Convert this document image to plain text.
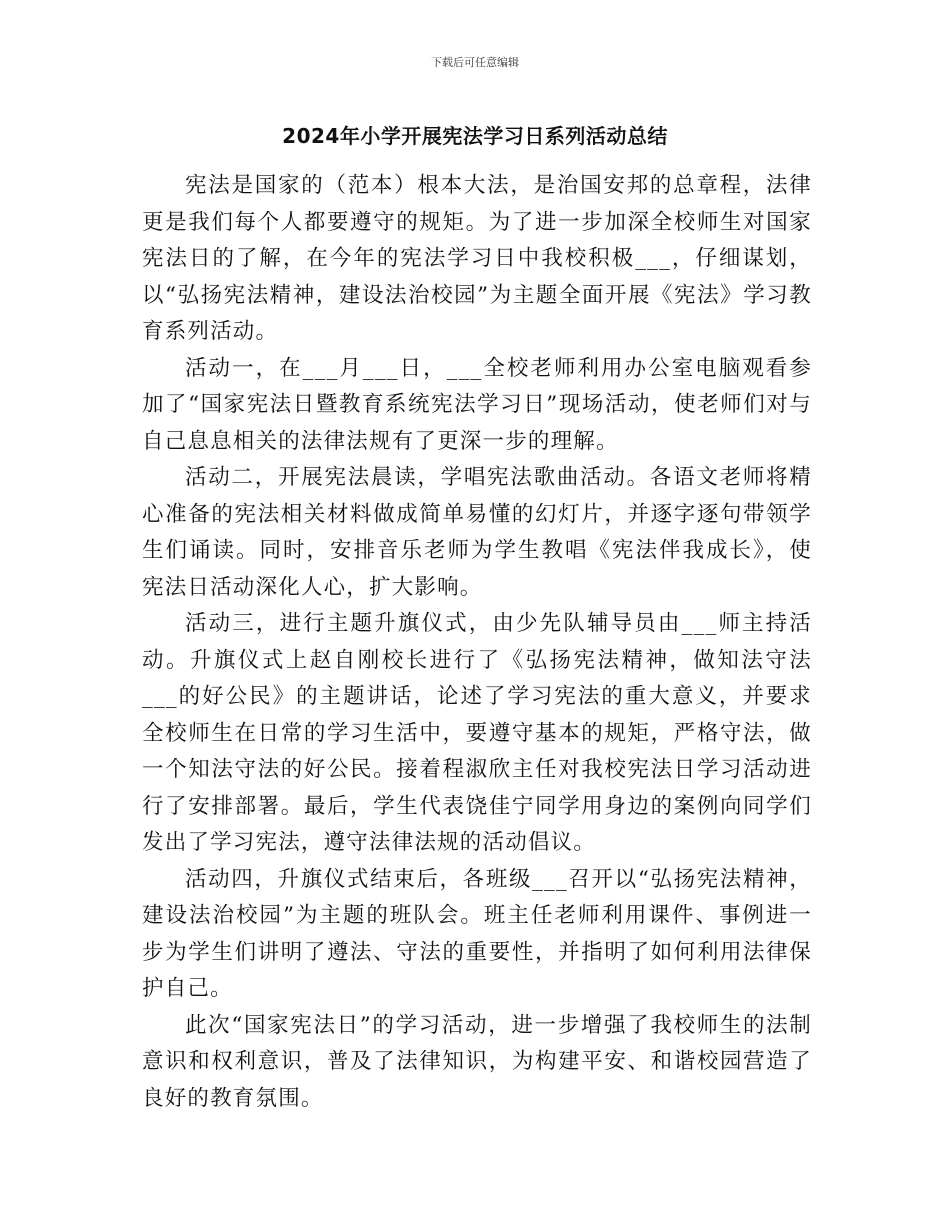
下载后可任意编辑
2024年小学开展宪法学习日系列活动总结

宪法是国家的（范本）根本大法，是治国安邦的总章程，法律更是我们每个人都要遵守的规矩。为了进一步加深全校师生对国家宪法日的了解，在今年的宪法学习日中我校积极___，仔细谋划，以“弘扬宪法精神，建设法治校园”为主题全面开展《宪法》学习教育系列活动。

活动一，在___月___日，___全校老师利用办公室电脑观看参加了“国家宪法日暨教育系统宪法学习日”现场活动，使老师们对与自己息息相关的法律法规有了更深一步的理解。

活动二，开展宪法晨读，学唱宪法歌曲活动。各语文老师将精心准备的宪法相关材料做成简单易懂的幻灯片，并逐字逐句带领学生们诵读。同时，安排音乐老师为学生教唱《宪法伴我成长》，使宪法日活动深化人心，扩大影响。

活动三，进行主题升旗仪式，由少先队辅导员由___师主持活动。升旗仪式上赵自刚校长进行了《弘扬宪法精神，做知法守法___的好公民》的主题讲话，论述了学习宪法的重大意义，并要求全校师生在日常的学习生活中，要遵守基本的规矩，严格守法，做一个知法守法的好公民。接着程淑欣主任对我校宪法日学习活动进行了安排部署。最后，学生代表饶佳宁同学用身边的案例向同学们发出了学习宪法，遵守法律法规的活动倡议。

活动四，升旗仪式结束后，各班级___召开以“弘扬宪法精神，建设法治校园”为主题的班队会。班主任老师利用课件、事例进一步为学生们讲明了遵法、守法的重要性，并指明了如何利用法律保护自己。

此次“国家宪法日”的学习活动，进一步增强了我校师生的法制意识和权利意识，普及了法律知识，为构建平安、和谐校园营造了良好的教育氛围。
